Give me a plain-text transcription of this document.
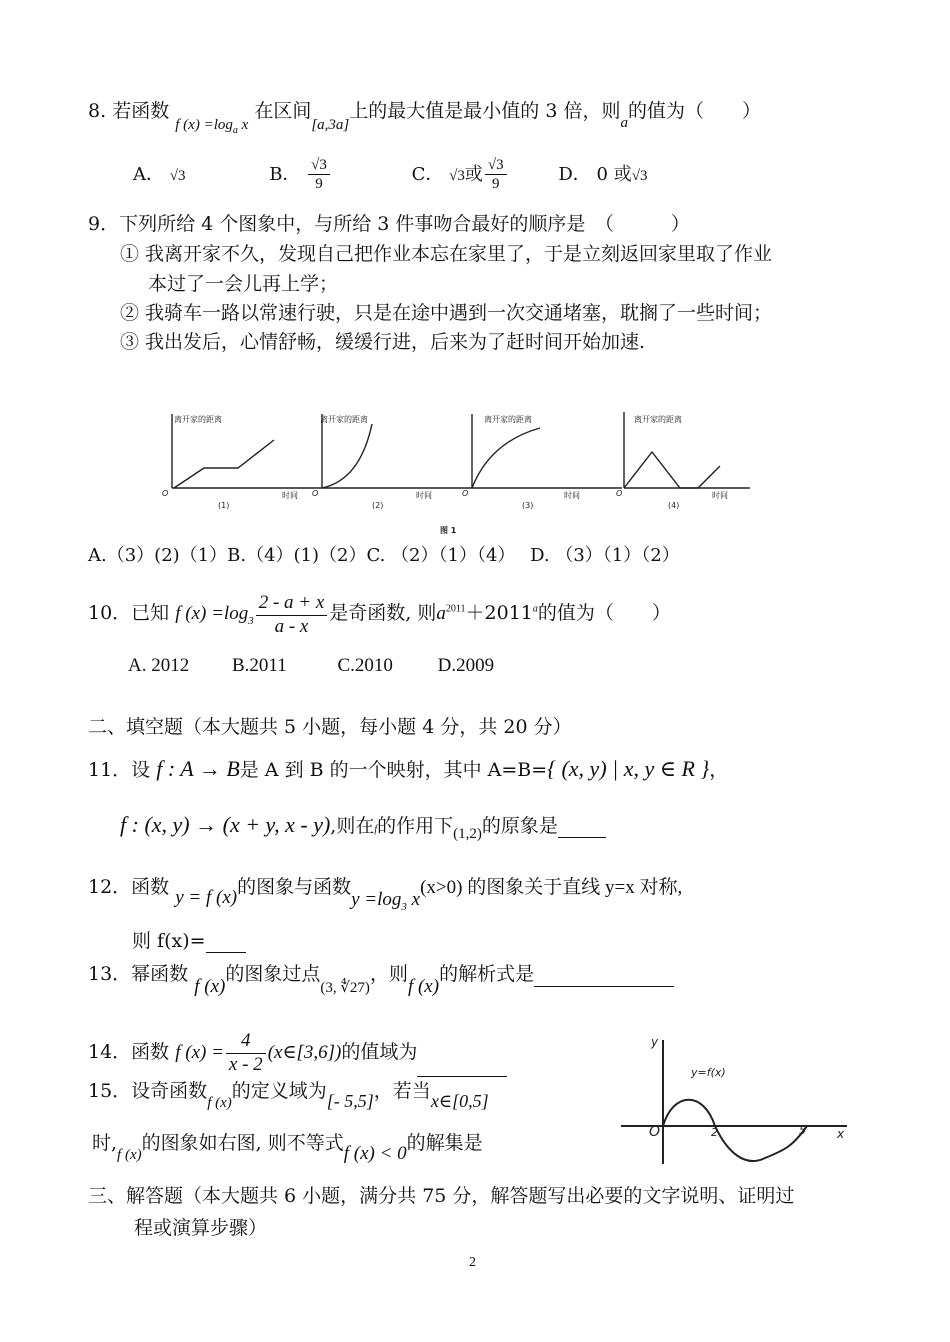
8. 若函数 $_{f (x) =log_a x}$ 在区间$_{[a,3a]}$上的最大值是最小值的 3 倍，则$_a$的值为（　　）
A． √3	B． $\frac{√3}{9}$	C． √3或 $\frac{√3}{9}$	D． 0 或√3
9．下列所给 4 个图象中，与所给 3 件事吻合最好的顺序是　（　　　）
① 我离开家不久，发现自己把作业本忘在家里了，于是立刻返回家里取了作业
本过了一会儿再上学；
② 我骑车一路以常速行驶，只是在途中遇到一次交通堵塞，耽搁了一些时间；
③ 我出发后，心情舒畅，缓缓行进，后来为了赶时间开始加速.
离开家的距离	离开家的距离	离开家的距离	离开家的距离
时间	时间	时间	时间
O	O	O	O
(1)	(2)	(3)	(4)
图 1
A.（3）(2)（1）B.（4）(1)（2）C. （2）（1）（4）　 D. （3）（1）（2）
10．已知 f $(x) =\log_3 \frac{2 - a + x}{a - x}$ 是奇函数, 则$a^{2011}+2011^a$的值为（　　）
A. 2012 B.2011	C.2010 D.2009
二、填空题（本大题共 5 小题，每小题 4 分，共 20 分）
11．设 f : A → B是 A 到 B 的一个映射，其中 A=B={ (x, y) | x, y ∈ R }，
f : (x, y) → (x + y, x - y),则在f的作用下$_{(1,2)}$的原象是
12．函数 y = f (x)的图象与函数$y =\log_3$ x(x>0) 的图象关于直线 y=x 对称,
则 f(x)=
13．幂函数 f (x)的图象过点$_{(3, ∜27)}$，则f (x)的解析式是
14．函数 f $(x) = \frac{4}{x - 2}$ (x∈[3,6])的值域为
15．设奇函数$_{f (x)}$的定义域为[- 5,5]，若当x∈[0,5]
时$,_{f (x)}$的图象如右图, 则不等式f (x) < 0的解集是
y
x
O	2	5
y=f(x)
三、解答题（本大题共 6 小题，满分共 75 分，解答题写出必要的文字说明、证明过
程或演算步骤）
2
